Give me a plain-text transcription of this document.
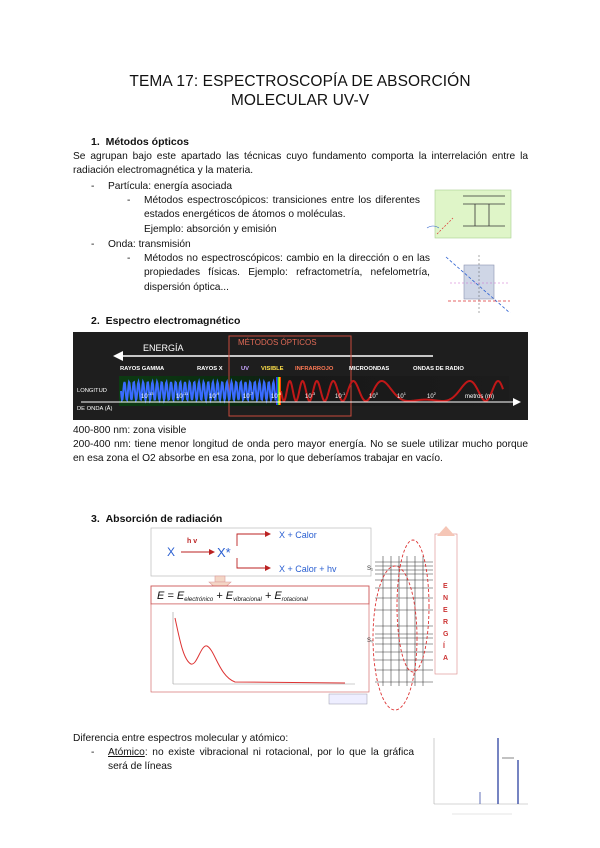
TEMA 17: ESPECTROSCOPÍA DE ABSORCIÓN
MOLECULAR UV-V
1.  Métodos ópticos
Se agrupan bajo este apartado las técnicas cuyo fundamento comporta la interrelación entre la radiación electromagnética y la materia.
- Partícula: energía asociada
- Métodos espectroscópicos: transiciones entre los diferentes estados energéticos de átomos o moléculas.
Ejemplo: absorción y emisión
- Onda: transmisión
- Métodos no espectroscópicos: cambio en la dirección o en las propiedades físicas. Ejemplo: refractometría, nefelometría, dispersión óptica...
2.  Espectro electromagnético
ENERGÍA
MÉTODOS ÓPTICOS
RAYOS GAMMA	RAYOS X	UV VISIBLE INFRARROJO	MICROONDAS	ONDAS DE RADIO
LONGITUD
DE ONDA (Å)
$10^{-13}$
$10^{-11}$
$10^{-9}$
$10^{-7}$
$10^{-5}$
$10^{-3}$
$10^{-1}$
$10^0$
$10^1$
$10^2$
metros (m)
400-800 nm: zona visible
200-400 nm: tiene menor longitud de onda pero mayor energía. No se suele utilizar mucho porque en esa zona el O2 absorbe en esa zona, por lo que deberíamos trabajar en vacío.
3.  Absorción de radiación
X
h v
X*
X + Calor
X + Calor + hv
E = Eelectrónico + Evibracional + Erotacional
E
N
E
R
G
Í
A
S₁
S₀
Diferencia entre espectros molecular y atómico:
- Atómico: no existe vibracional ni rotacional, por lo que la gráfica será de líneas
